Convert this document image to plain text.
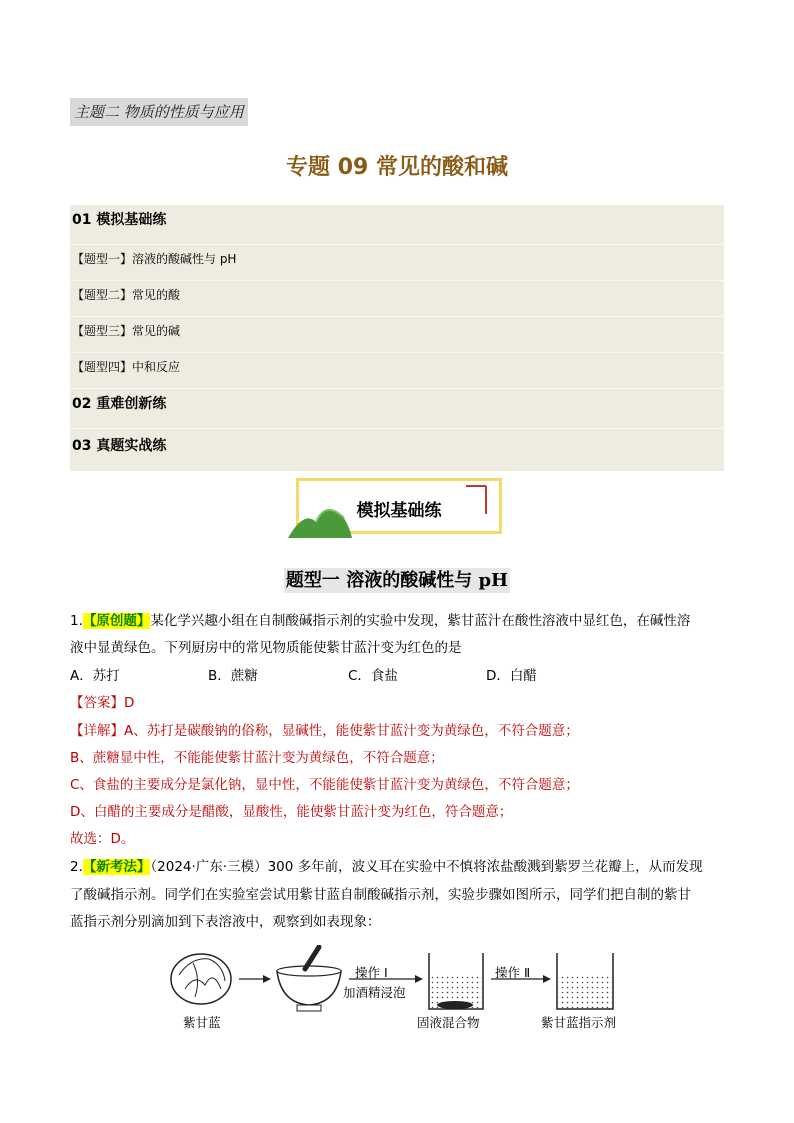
主题二 物质的性质与应用
专题 09 常见的酸和碱
01 模拟基础练
【题型一】溶液的酸碱性与 pH
【题型二】常见的酸
【题型三】常见的碱
【题型四】中和反应
02 重难创新练
03 真题实战练
模拟基础练
题型一 溶液的酸碱性与 pH
1.【原创题】某化学兴趣小组在自制酸碱指示剂的实验中发现，紫甘蓝汁在酸性溶液中显红色，在碱性溶
液中显黄绿色。下列厨房中的常见物质能使紫甘蓝汁变为红色的是
A．苏打	B．蔗糖	C．食盐	D．白醋
【答案】D
【详解】A、苏打是碳酸钠的俗称，显碱性，能使紫甘蓝汁变为黄绿色，不符合题意；
B、蔗糖显中性，不能能使紫甘蓝汁变为黄绿色，不符合题意；
C、食盐的主要成分是氯化钠，显中性，不能能使紫甘蓝汁变为黄绿色，不符合题意；
D、白醋的主要成分是醋酸，显酸性，能使紫甘蓝汁变为红色，符合题意；
故选：D。
2.【新考法】（2024·广东·三模）300 多年前，波义耳在实验中不慎将浓盐酸溅到紫罗兰花瓣上，从而发现
了酸碱指示剂。同学们在实验室尝试用紫甘蓝自制酸碱指示剂，实验步骤如图所示，同学们把自制的紫甘
蓝指示剂分别滴加到下表溶液中，观察到如表现象：
操作 Ⅰ
加酒精浸泡
操作 Ⅱ
紫甘蓝	固液混合物	紫甘蓝指示剂
